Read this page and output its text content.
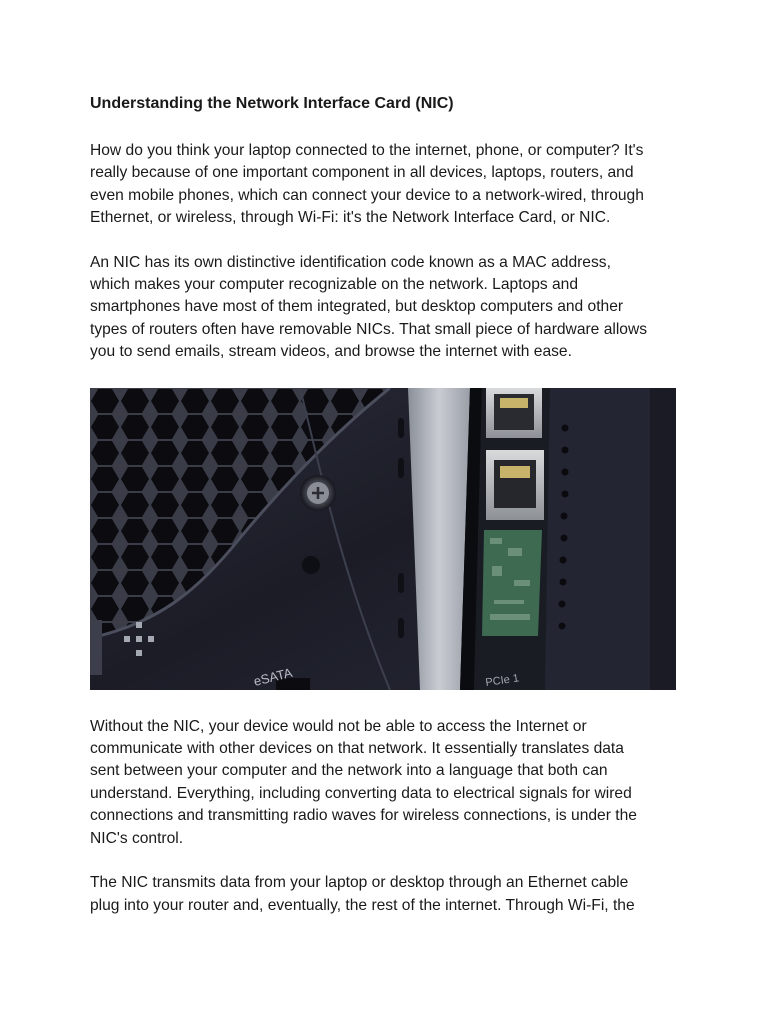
Understanding the Network Interface Card (NIC)

How do you think your laptop connected to the internet, phone, or computer? It's
really because of one important component in all devices, laptops, routers, and
even mobile phones, which can connect your device to a network-wired, through
Ethernet, or wireless, through Wi-Fi: it's the Network Interface Card, or NIC.

An NIC has its own distinctive identification code known as a MAC address,
which makes your computer recognizable on the network. Laptops and
smartphones have most of them integrated, but desktop computers and other
types of routers often have removable NICs. That small piece of hardware allows
you to send emails, stream videos, and browse the internet with ease.

eSATA	PCIe 1

Without the NIC, your device would not be able to access the Internet or
communicate with other devices on that network. It essentially translates data
sent between your computer and the network into a language that both can
understand. Everything, including converting data to electrical signals for wired
connections and transmitting radio waves for wireless connections, is under the
NIC's control.

The NIC transmits data from your laptop or desktop through an Ethernet cable
plug into your router and, eventually, the rest of the internet. Through Wi-Fi, the
